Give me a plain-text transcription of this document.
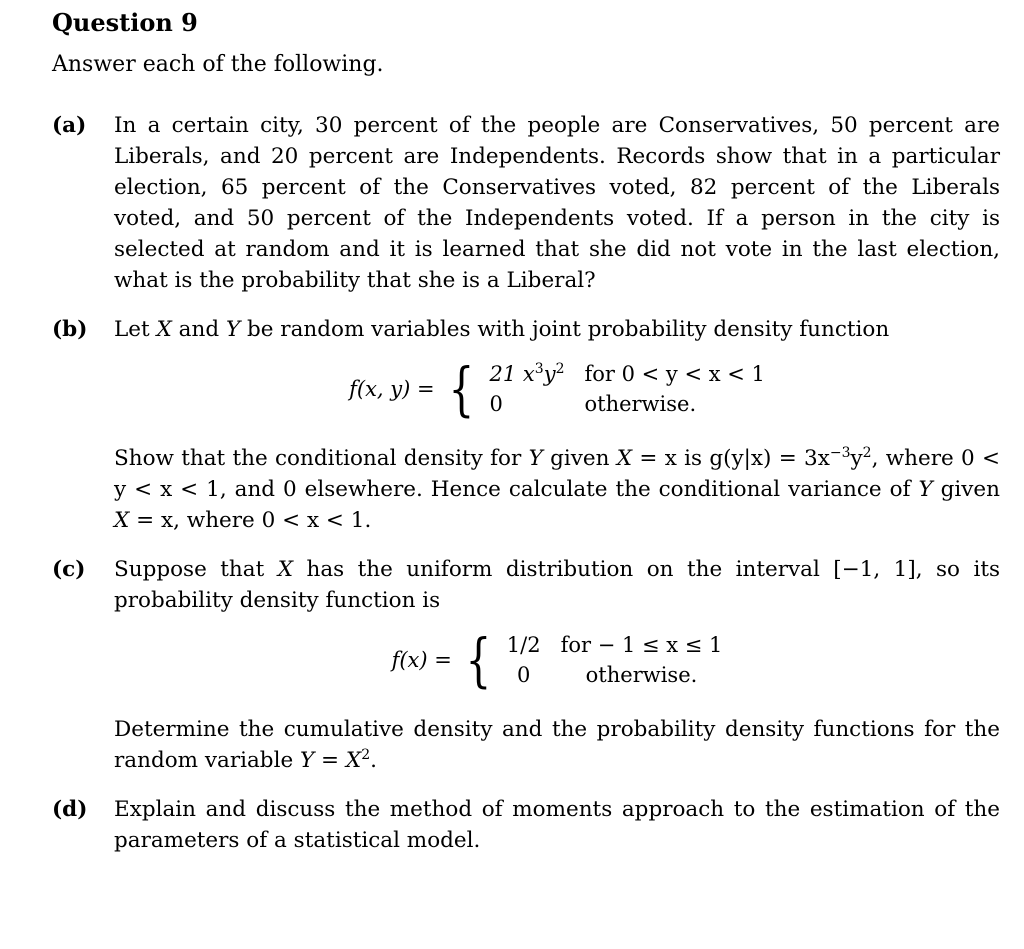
Question 9
Answer each of the following.
(a)	In a certain city, 30 percent of the people are Conservatives, 50 percent are Liberals, and 20 percent are Independents. Records show that in a particular election, 65 percent of the Conservatives voted, 82 percent of the Liberals voted, and 50 percent of the Independents voted. If a person in the city is selected at random and it is learned that she did not vote in the last election, what is the probability that she is a Liberal?

(b)	Let X and Y be random variables with joint probability density function

f(x, y) = { 21 $x^3y^2$ for 0 < y < x < 1
0	otherwise.

Show that the conditional density for Y given X = x is $g(y|x) = 3x^{-3}y^2$, where 0 < y < x < 1, and 0 elsewhere. Hence calculate the conditional variance of Y given X = x, where 0 < x < 1.

(c)	Suppose that X has the uniform distribution on the interval [−1, 1], so its probability density function is

f(x) = { 1/2 for − 1 ≤ x ≤ 1
0	otherwise.

Determine the cumulative density and the probability density functions for the random variable $Y = X^2$.

(d)	Explain and discuss the method of moments approach to the estimation of the parameters of a statistical model.
